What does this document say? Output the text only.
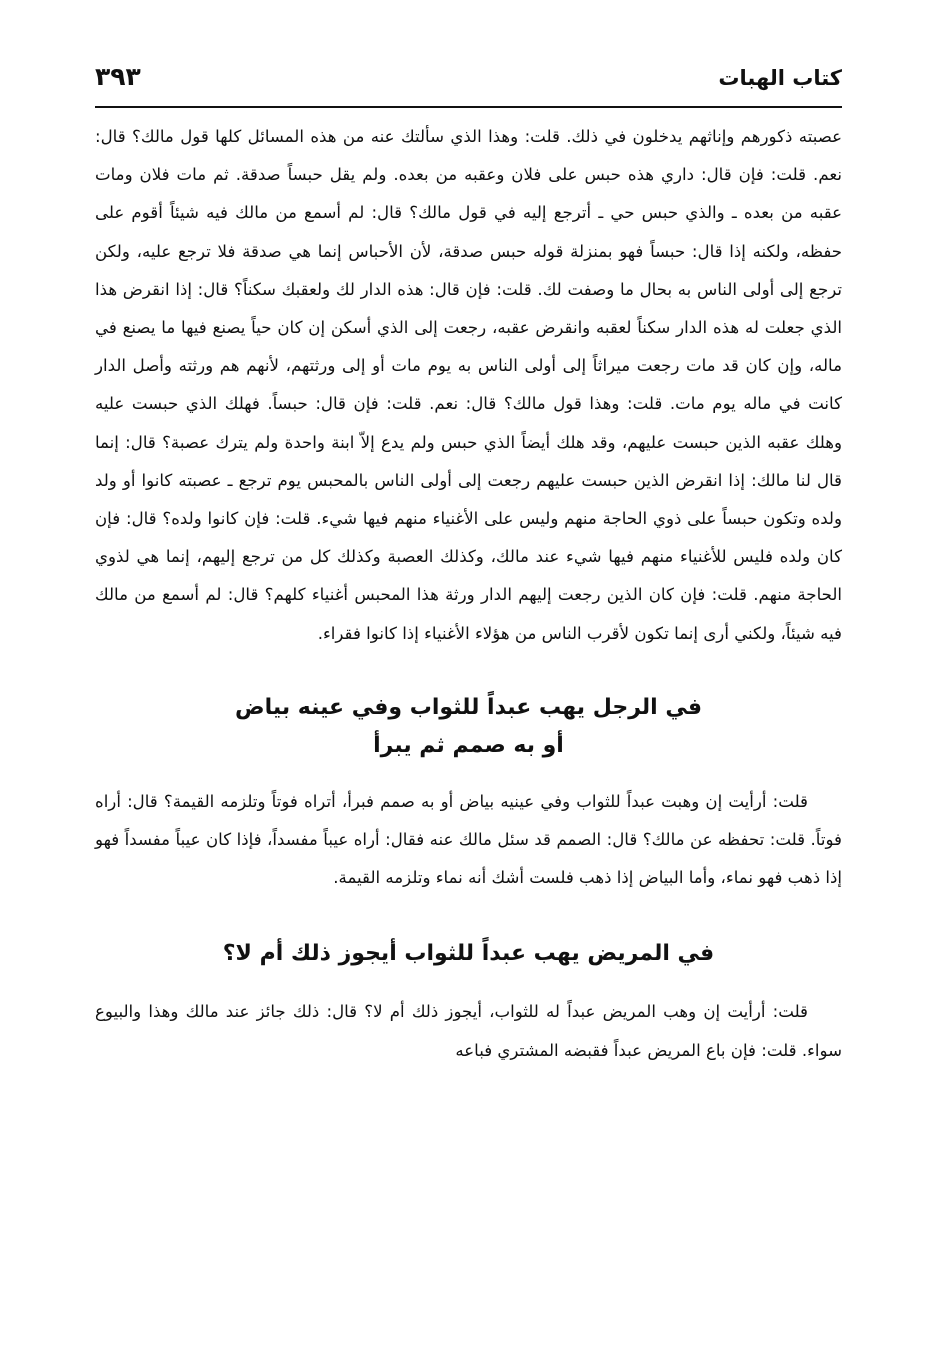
كتاب الهبات
٣٩٣

عصبته ذكورهم وإناثهم يدخلون في ذلك. قلت: وهذا الذي سألتك عنه من هذه المسائل كلها قول مالك؟ قال: نعم. قلت: فإن قال: داري هذه حبس على فلان وعقبه من بعده. ولم يقل حبساً صدقة. ثم مات فلان ومات عقبه من بعده ـ والذي حبس حي ـ أترجع إليه في قول مالك؟ قال: لم أسمع من مالك فيه شيئاً أقوم على حفظه، ولكنه إذا قال: حبساً فهو بمنزلة قوله حبس صدقة، لأن الأحباس إنما هي صدقة فلا ترجع عليه، ولكن ترجع إلى أولى الناس به بحال ما وصفت لك. قلت: فإن قال: هذه الدار لك ولعقبك سكناً؟ قال: إذا انقرض هذا الذي جعلت له هذه الدار سكناً لعقبه وانقرض عقبه، رجعت إلى الذي أسكن إن كان حياً يصنع فيها ما يصنع في ماله، وإن كان قد مات رجعت ميراثاً إلى أولى الناس به يوم مات أو إلى ورثتهم، لأنهم هم ورثته وأصل الدار كانت في ماله يوم مات. قلت: وهذا قول مالك؟ قال: نعم. قلت: فإن قال: حبساً. فهلك الذي حبست عليه وهلك عقبه الذين حبست عليهم، وقد هلك أيضاً الذي حبس ولم يدع إلاّ ابنة واحدة ولم يترك عصبة؟ قال: إنما قال لنا مالك: إذا انقرض الذين حبست عليهم رجعت إلى أولى الناس بالمحبس يوم ترجع ـ عصبته كانوا أو ولد ولده وتكون حبساً على ذوي الحاجة منهم وليس على الأغنياء منهم فيها شيء. قلت: فإن كانوا ولده؟ قال: فإن كان ولده فليس للأغنياء منهم فيها شيء عند مالك، وكذلك العصبة وكذلك كل من ترجع إليهم، إنما هي لذوي الحاجة منهم. قلت: فإن كان الذين رجعت إليهم الدار ورثة هذا المحبس أغنياء كلهم؟ قال: لم أسمع من مالك فيه شيئاً، ولكني أرى إنما تكون لأقرب الناس من هؤلاء الأغنياء إذا كانوا فقراء.

في الرجل يهب عبداً للثواب وفي عينه بياض
أو به صمم ثم يبرأ

قلت: أرأيت إن وهبت عبداً للثواب وفي عينيه بياض أو به صمم فبرأ، أتراه فوتاً وتلزمه القيمة؟ قال: أراه فوتاً. قلت: تحفظه عن مالك؟ قال: الصمم قد سئل مالك عنه فقال: أراه عيباً مفسداً، فإذا كان عيباً مفسداً فهو إذا ذهب فهو نماء، وأما البياض إذا ذهب فلست أشك أنه نماء وتلزمه القيمة.

في المريض يهب عبداً للثواب أيجوز ذلك أم لا؟

قلت: أرأيت إن وهب المريض عبداً له للثواب، أيجوز ذلك أم لا؟ قال: ذلك جائز عند مالك وهذا والبيوع سواء. قلت: فإن باع المريض عبداً فقبضه المشتري فباعه
